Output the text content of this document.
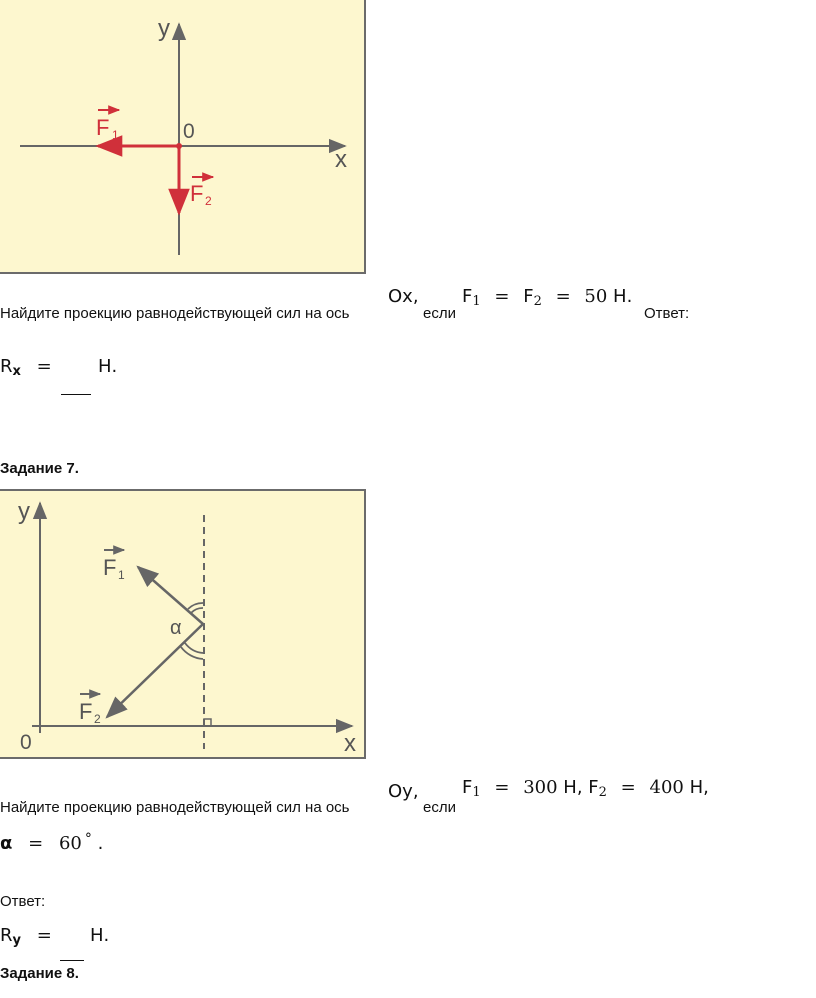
y
x
0
F 1
F 2
Найдите проекцию равнодействующей сил на ось
Ox,
если
$F_1 = F_2 = 50$ Н.
Ответ:
$R_x$ =	Н.
Задание 7.
y
x
0
F 1
F 2
α
Найдите проекцию равнодействующей сил на ось
Oy,
если
$F_1 = 300$ Н, $F_2 = 400$ Н,
α = 60 ° .
Ответ:
$R_y$ =	Н.
Задание 8.
